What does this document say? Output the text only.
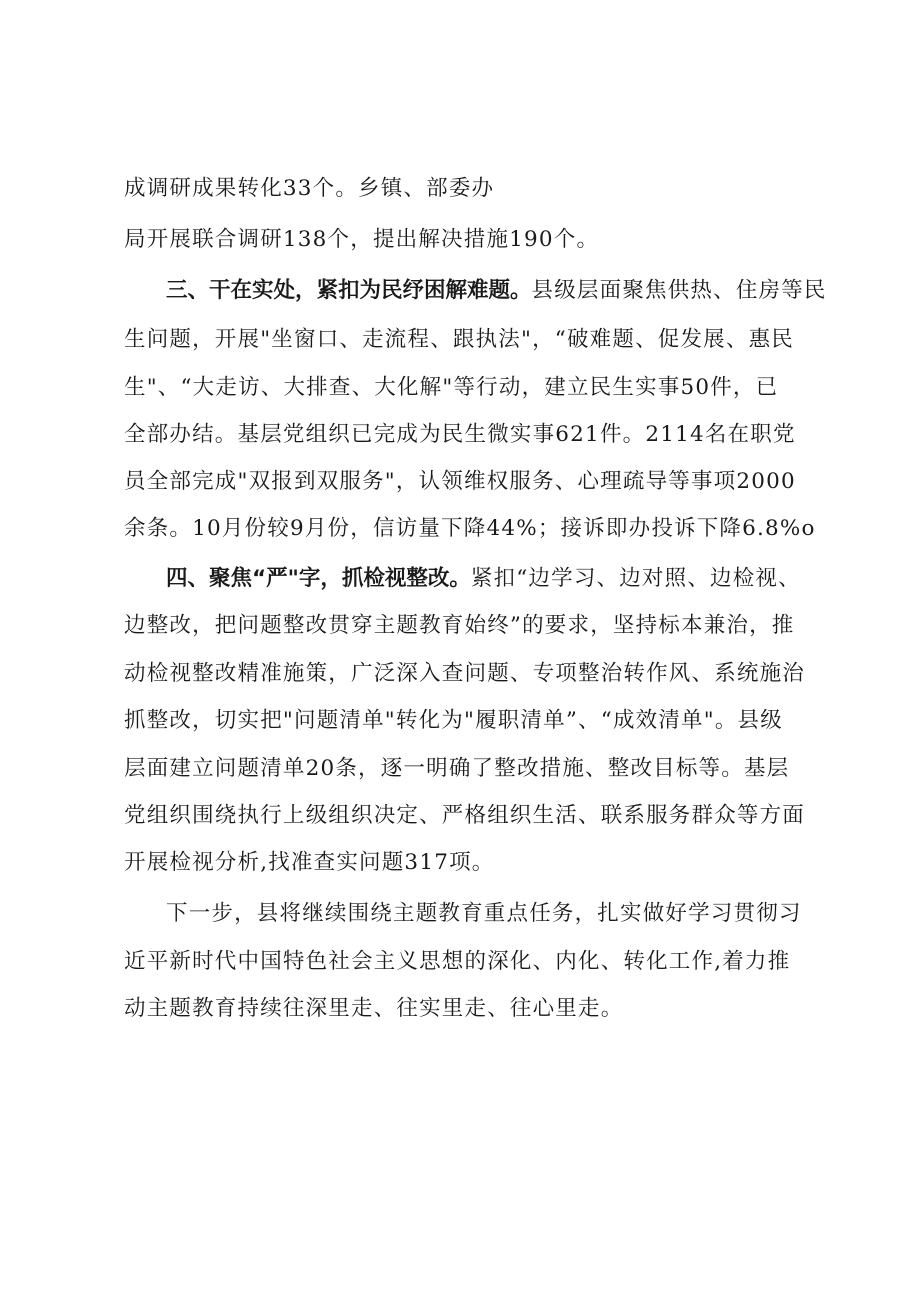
成调研成果转化33个。乡镇、部委办
局开展联合调研138个，提出解决措施190个。
三、干在实处，紧扣为民纾困解难题。县级层面聚焦供热、住房等民
生问题，开展"坐窗口、走流程、跟执法"，“破难题、促发展、惠民
生"、“大走访、大排查、大化解"等行动，建立民生实事50件，已
全部办结。基层党组织已完成为民生微实事621件。2114名在职党
员全部完成"双报到双服务"，认领维权服务、心理疏导等事项2000
余条。10月份较9月份，信访量下降44%；接诉即办投诉下降6.8%o
四、聚焦“严"字，抓检视整改。紧扣“边学习、边对照、边检视、
边整改，把问题整改贯穿主题教育始终”的要求，坚持标本兼治，推
动检视整改精准施策，广泛深入查问题、专项整治转作风、系统施治
抓整改，切实把"问题清单"转化为"履职清单”、“成效清单"。县级
层面建立问题清单20条，逐一明确了整改措施、整改目标等。基层
党组织围绕执行上级组织决定、严格组织生活、联系服务群众等方面
开展检视分析,找准查实问题317项。
下一步，县将继续围绕主题教育重点任务，扎实做好学习贯彻习
近平新时代中国特色社会主义思想的深化、内化、转化工作,着力推
动主题教育持续往深里走、往实里走、往心里走。
